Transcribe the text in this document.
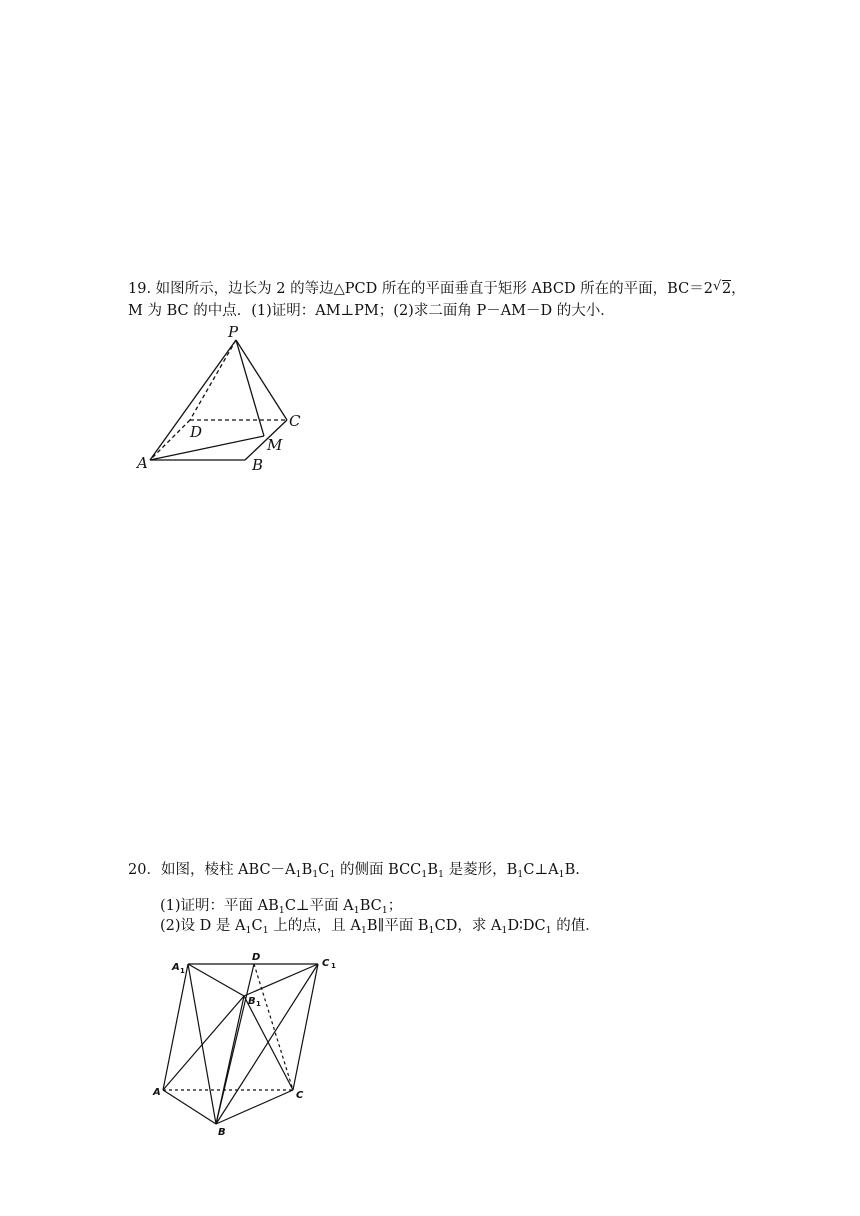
19. 如图所示，边长为 2 的等边△PCD 所在的平面垂直于矩形 ABCD 所在的平面，BC＝2√ 2，
M 为 BC 的中点．(1)证明：AM⊥PM；(2)求二面角 P－AM－D 的大小．
P
C
D
M
A	B
20．如图，棱柱 $ABC-A_1B_1C_1$ 的侧面 $BCC_1B_1$ 是菱形，$B_1C\perp A_1B$.
(1)证明：平面 $AB_1C\perp$平面 $A_1BC_1$；
(2)设 D 是 $A_1C_1$ 上的点，且 $A_1B\parallel$平面 $B_1CD$，求 $A_1D∶DC_1$ 的值．
A 1
D
C 1
B 1
A	C
B
